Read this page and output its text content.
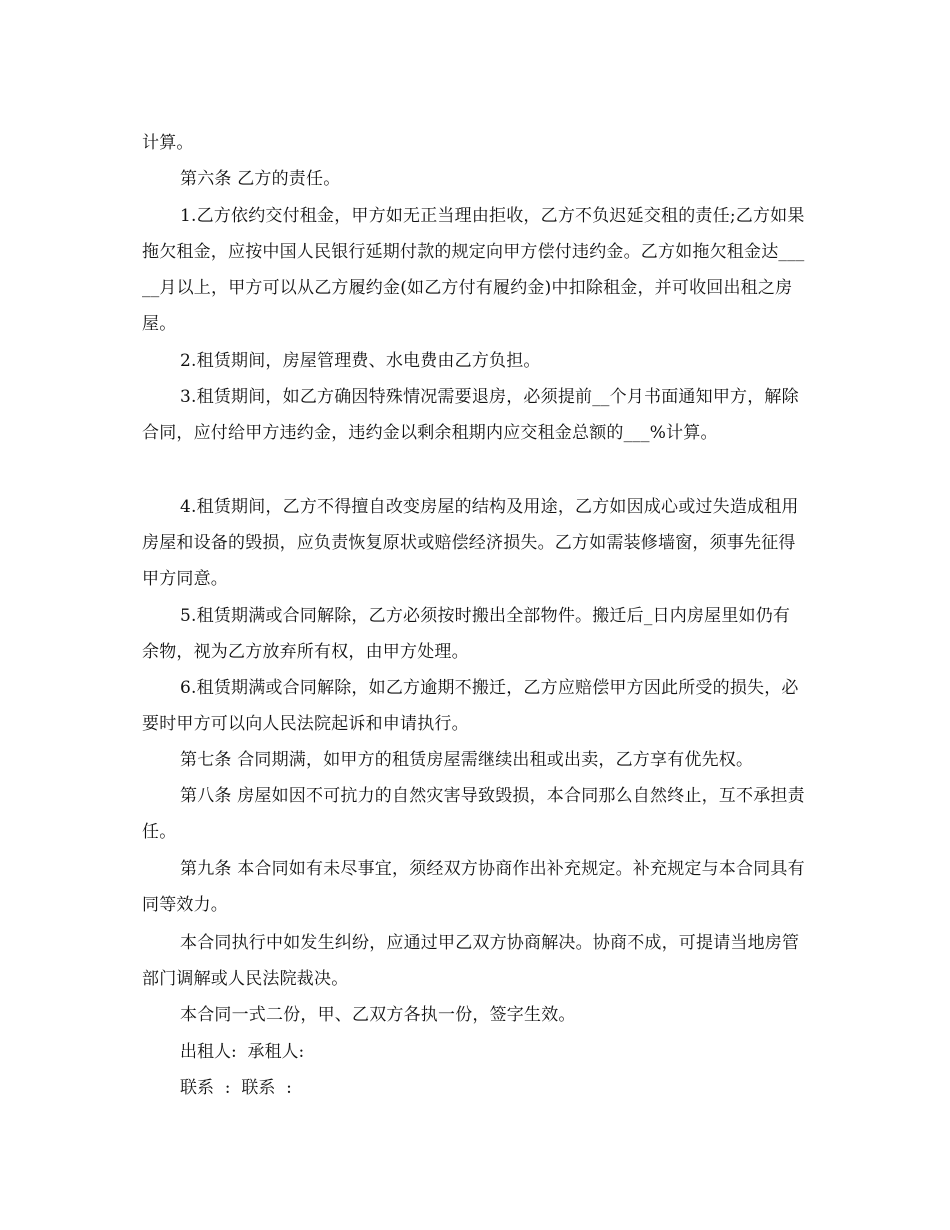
计算。

第六条 乙方的责任。

1.乙方依约交付租金，甲方如无正当理由拒收，乙方不负迟延交租的责任;乙方如果拖欠租金，应按中国人民银行延期付款的规定向甲方偿付违约金。乙方如拖欠租金达_____月以上，甲方可以从乙方履约金(如乙方付有履约金)中扣除租金，并可收回出租之房屋。

2.租赁期间，房屋管理费、水电费由乙方负担。

3.租赁期间，如乙方确因特殊情况需要退房，必须提前__个月书面通知甲方，解除合同，应付给甲方违约金，违约金以剩余租期内应交租金总额的___%计算。

4.租赁期间，乙方不得擅自改变房屋的结构及用途，乙方如因成心或过失造成租用房屋和设备的毁损，应负责恢复原状或赔偿经济损失。乙方如需装修墙窗，须事先征得甲方同意。

5.租赁期满或合同解除，乙方必须按时搬出全部物件。搬迁后_日内房屋里如仍有余物，视为乙方放弃所有权，由甲方处理。

6.租赁期满或合同解除，如乙方逾期不搬迁，乙方应赔偿甲方因此所受的损失，必要时甲方可以向人民法院起诉和申请执行。

第七条 合同期满，如甲方的租赁房屋需继续出租或出卖，乙方享有优先权。

第八条 房屋如因不可抗力的自然灾害导致毁损，本合同那么自然终止，互不承担责任。

第九条 本合同如有未尽事宜，须经双方协商作出补充规定。补充规定与本合同具有同等效力。

本合同执行中如发生纠纷，应通过甲乙双方协商解决。协商不成，可提请当地房管部门调解或人民法院裁决。

本合同一式二份，甲、乙双方各执一份，签字生效。

出租人:  承租人:

联系  :  联系  :
